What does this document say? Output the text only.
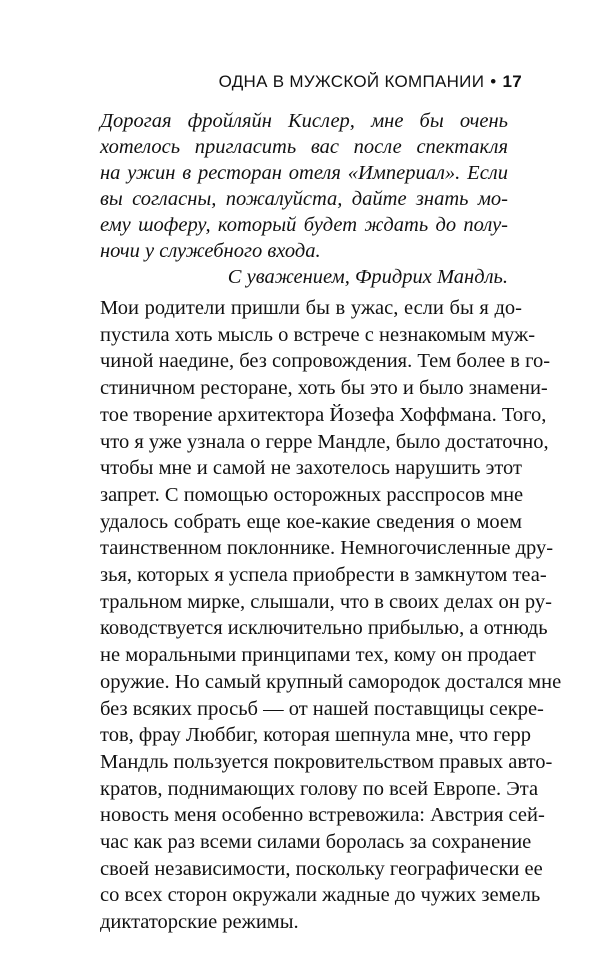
ОДНА В МУЖСКОЙ КОМПАНИИ • 17
Дорогая фройляйн Кислер, мне бы очень
хотелось пригласить вас после спектакля
на ужин в ресторан отеля «Империал». Если
вы согласны, пожалуйста, дайте знать мо-
ему шоферу, который будет ждать до полу-
ночи у служебного входа.
С уважением, Фридрих Мандль.
Мои родители пришли бы в ужас, если бы я до-
пустила хоть мысль о встрече с незнакомым муж-
чиной наедине, без сопровождения. Тем более в го-
стиничном ресторане, хоть бы это и было знамени-
тое творение архитектора Йозефа Хоффмана. Того,
что я уже узнала о герре Мандле, было достаточно,
чтобы мне и самой не захотелось нарушить этот
запрет. С помощью осторожных расспросов мне
удалось собрать еще кое-какие сведения о моем
таинственном поклоннике. Немногочисленные дру-
зья, которых я успела приобрести в замкнутом теа-
тральном мирке, слышали, что в своих делах он ру-
ководствуется исключительно прибылью, а отнюдь
не моральными принципами тех, кому он продает
оружие. Но самый крупный самородок достался мне
без всяких просьб — от нашей поставщицы секре-
тов, фрау Люббиг, которая шепнула мне, что герр
Мандль пользуется покровительством правых авто-
кратов, поднимающих голову по всей Европе. Эта
новость меня особенно встревожила: Австрия сей-
час как раз всеми силами боролась за сохранение
своей независимости, поскольку географически ее
со всех сторон окружали жадные до чужих земель
диктаторские режимы.
